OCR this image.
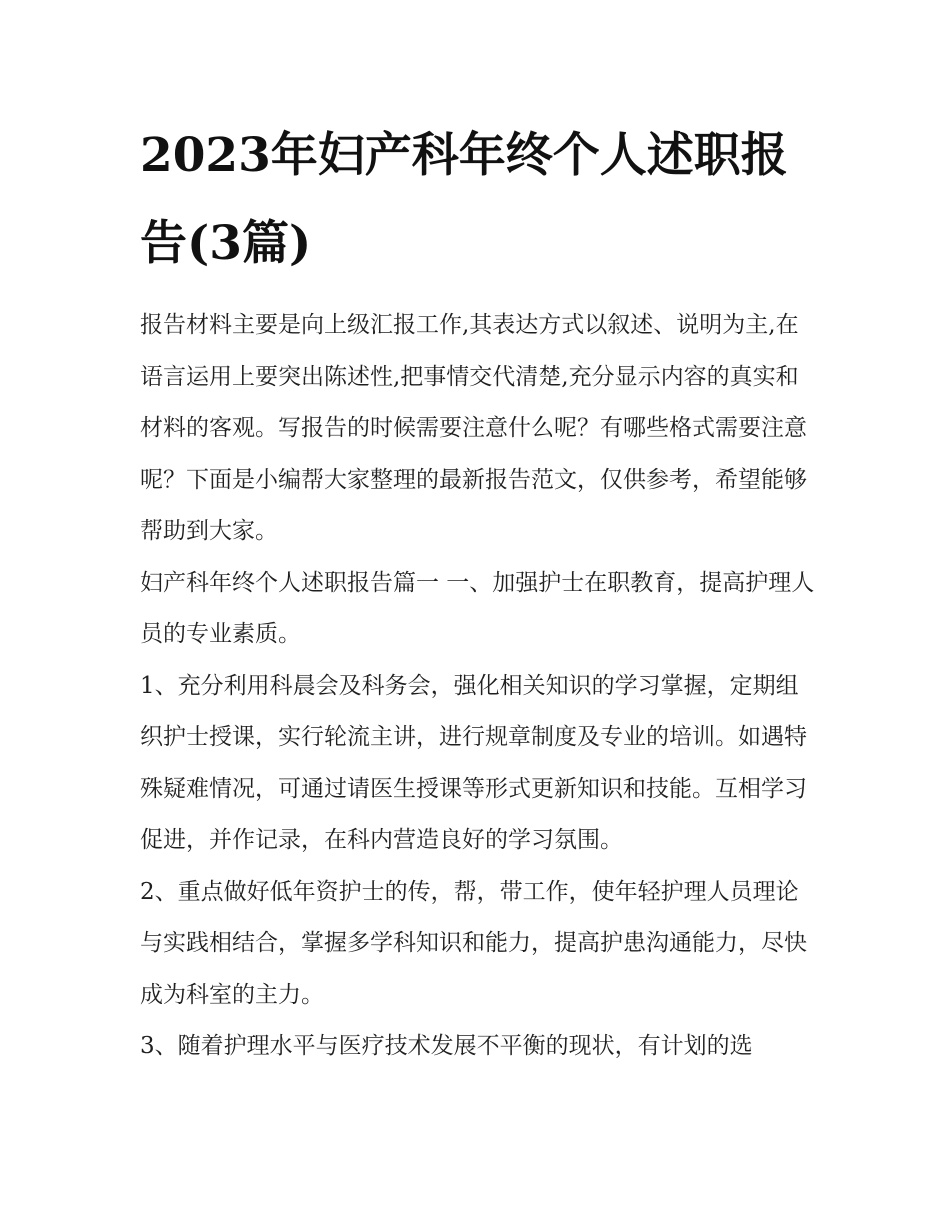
2023年妇产科年终个人述职报告(3篇)

报告材料主要是向上级汇报工作,其表达方式以叙述、说明为主,在语言运用上要突出陈述性,把事情交代清楚,充分显示内容的真实和材料的客观。写报告的时候需要注意什么呢？有哪些格式需要注意呢？下面是小编帮大家整理的最新报告范文，仅供参考，希望能够帮助到大家。

妇产科年终个人述职报告篇一 一、加强护士在职教育，提高护理人员的专业素质。

1、充分利用科晨会及科务会，强化相关知识的学习掌握，定期组织护士授课，实行轮流主讲，进行规章制度及专业的培训。如遇特殊疑难情况，可通过请医生授课等形式更新知识和技能。互相学习促进，并作记录，在科内营造良好的学习氛围。

2、重点做好低年资护士的传，帮，带工作，使年轻护理人员理论与实践相结合，掌握多学科知识和能力，提高护患沟通能力，尽快成为科室的主力。

3、随着护理水平与医疗技术发展不平衡的现状，有计划的选
